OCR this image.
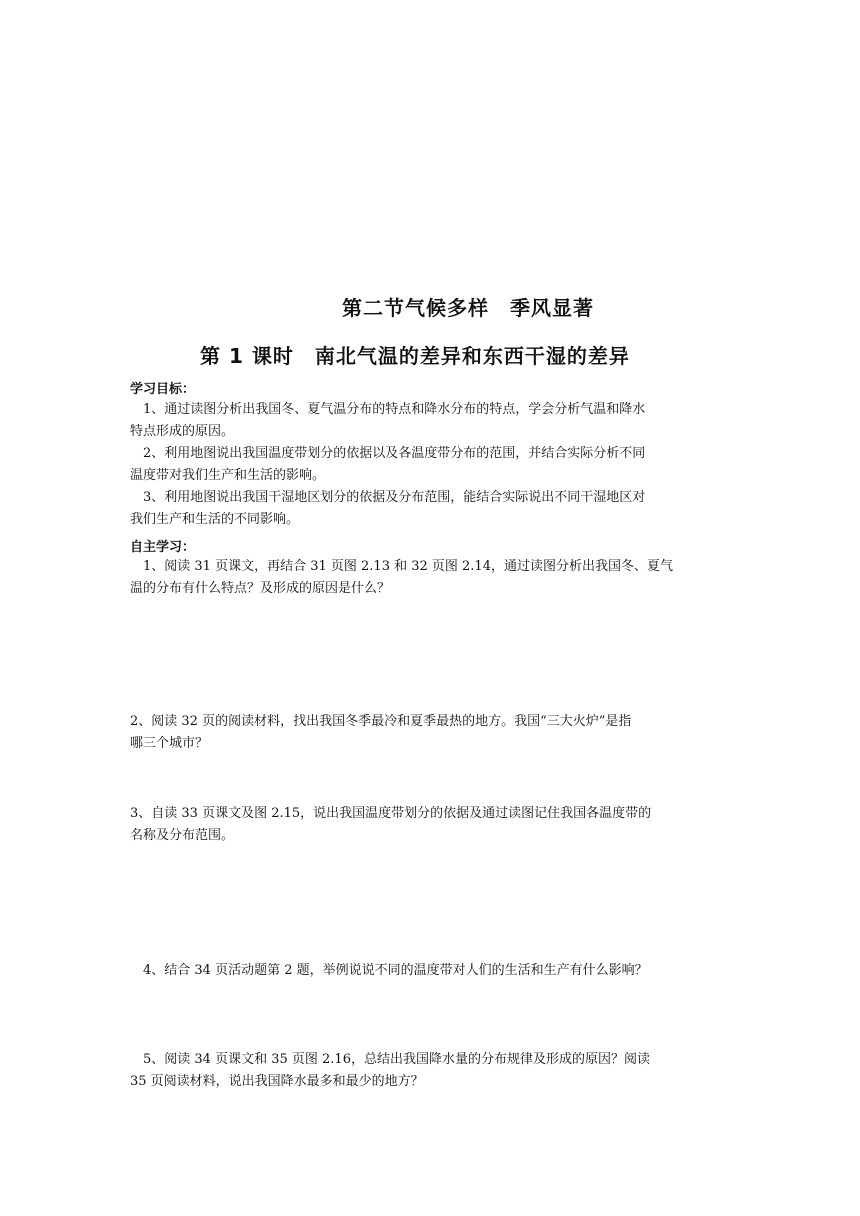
第二节气候多样　季风显著
第 1 课时　南北气温的差异和东西干湿的差异
学习目标：
　1、通过读图分析出我国冬、夏气温分布的特点和降水分布的特点，学会分析气温和降水
特点形成的原因。
　2、利用地图说出我国温度带划分的依据以及各温度带分布的范围，并结合实际分析不同
温度带对我们生产和生活的影响。
　3、利用地图说出我国干湿地区划分的依据及分布范围，能结合实际说出不同干湿地区对
我们生产和生活的不同影响。
自主学习：
　1、阅读 31 页课文，再结合 31 页图 2.13 和 32 页图 2.14，通过读图分析出我国冬、夏气
温的分布有什么特点？及形成的原因是什么？
2、阅读 32 页的阅读材料，找出我国冬季最冷和夏季最热的地方。我国“三大火炉”是指
哪三个城市？
3、自读 33 页课文及图 2.15，说出我国温度带划分的依据及通过读图记住我国各温度带的
名称及分布范围。
　4、结合 34 页活动题第 2 题，举例说说不同的温度带对人们的生活和生产有什么影响？
　5、阅读 34 页课文和 35 页图 2.16，总结出我国降水量的分布规律及形成的原因？阅读
35 页阅读材料，说出我国降水最多和最少的地方？
